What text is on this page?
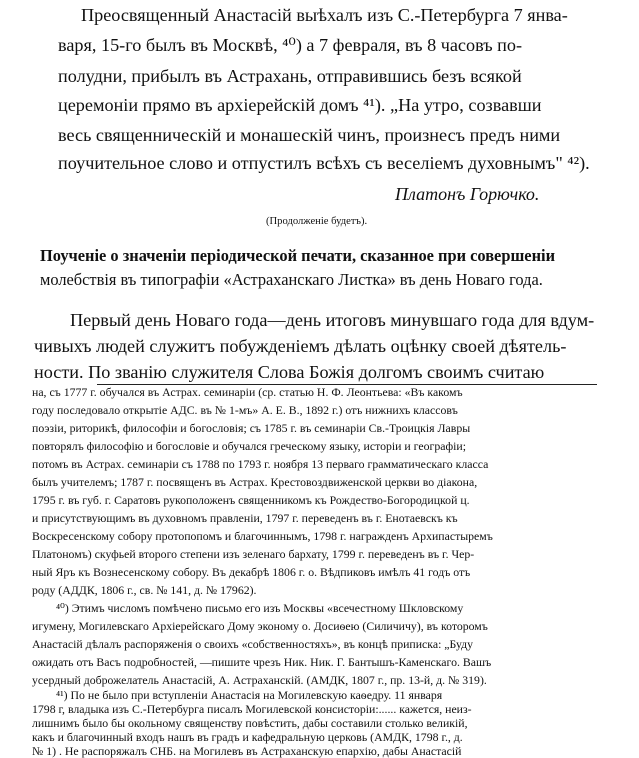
Преосвященный Анастасій выѣхалъ изъ С.-Петербурга 7 янва-
варя, 15-го былъ въ Москвѣ, ⁴⁰) а 7 февраля, въ 8 часовъ по-
полудни, прибылъ въ Астрахань, отправившись безъ всякой
церемоніи прямо въ архіерейскій домъ ⁴¹). „На утро, созвавши
весь священническій и монашескій чинъ, произнесъ предъ ними
поучительное слово и отпустилъ всѣхъ съ веселіемъ духовнымъ" ⁴²).
Платонъ Горючко.
(Продолженіе будетъ).
Поученіе о значеніи періодической печати, сказанное при совершеніи
молебствія въ типографіи «Астраханскаго Листка» въ день Новаго года.
Первый день Новаго года—день итоговъ минувшаго года для вдум-
чивыхъ людей служитъ побужденіемъ дѣлать оцѣнку своей дѣятель-
ности. По званію служителя Слова Божія долгомъ своимъ считаю
на, съ 1777 г. обучался въ Астрах. семинаріи (ср. статью Н. Ф. Леонтьева: «Въ какомъ
году последовало открытіе АДС. въ № 1-мъ» А. Е. В., 1892 г.) отъ нижнихъ классовъ
поэзіи, риторикѣ, философіи и богословія; съ 1785 г. въ семинаріи Св.-Троицкія Лавры
повторялъ философію и богословіе и обучался греческому языку, исторіи и географіи;
потомъ въ Астрах. семинаріи съ 1788 по 1793 г. ноября 13 перваго грамматическаго класса
былъ учителемъ; 1787 г. посвященъ въ Астрах. Крестовоздвиженской церкви во діакона,
1795 г. въ губ. г. Саратовъ рукоположенъ священникомъ къ Рождество-Богородицкой ц.
и присутствующимъ въ духовномъ правленіи, 1797 г. переведенъ въ г. Енотаевскъ къ
Воскресенскому собору протопопомъ и благочиннымъ, 1798 г. награжденъ Архипастыремъ
Платономъ) скуфьей второго степени изъ зеленаго бархату, 1799 г. переведенъ въ г. Чер-
ный Яръ къ Вознесенскому собору. Въ декабрѣ 1806 г. о. Вѣдпиковъ имѣлъ 41 годъ отъ
роду (АДДК, 1806 г., св. № 141, д. № 17962).
⁴⁰) Этимъ числомъ помѣчено письмо его изъ Москвы «всечестному Шкловскому
игумену, Могилевскаго Архіерейскаго Дому эконому о. Досиѳею (Силичичу), въ которомъ
Анастасій дѣлалъ распоряженія о своихъ «собственностяхъ», въ концѣ приписка: „Буду
ожидать отъ Васъ подробностей, —пишите чрезъ Ник. Ник. Г. Бантышъ-Каменскаго. Вашъ
усердный доброжелатель Анастасій, А. Астраханскій. (АМДК, 1807 г., пр. 13-й, д. № 319).
⁴¹) По не было при вступленіи Анастасія на Могилевскую каѳедру. 11 января
1798 г, владыка изъ С.-Петербурга писалъ Могилевской консисторіи:...... кажется, неиз-
лишнимъ было бы окольному священству повѣстить, дабы составили столько великій,
какъ и благочинный входъ нашъ въ градъ и кафедральную церковь (АМДК, 1798 г., д.
№ 1) . Не распоряжалъ СНБ. на Могилевъ въ Астраханскую епархію, дабы Анастасій
